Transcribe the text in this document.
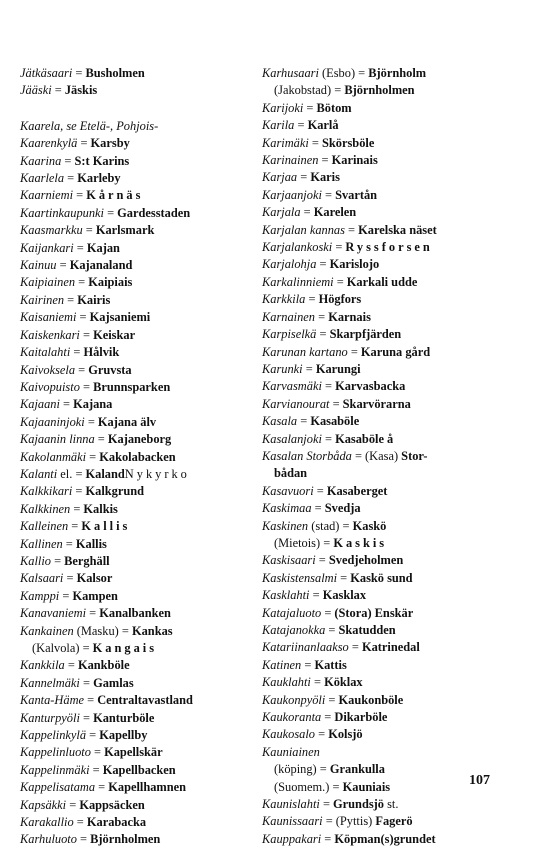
Jätkäsaari = Busholmen
Jääski = Jäskis
Kaarela, se Etelä-, Pohjois-
Kaarenkylä = Karsby
Kaarina = S:t Karins
Kaarlela = Karleby
Kaarniemi = Kårnäs
Kaartinkaupunki = Gardesstaden
Kaasmarkku = Karlsmark
Kaijankari = Kajan
Kainuu = Kajanaland
Kaipiainen = Kaipiais
Kairinen = Kairis
Kaisaniemi = Kajsaniemi
Kaiskenkari = Keiskar
Kaitalahti = Hålvik
Kaivoksela = Gruvsta
Kaivopuisto = Brunnsparken
Kajaani = Kajana
Kajaaninjoki = Kajana älv
Kajaanin linna = Kajaneborg
Kakolanmäki = Kakolabacken
Kalanti el. = KalandNykyrko
Kalkkikari = Kalkgrund
Kalkkinen = Kalkis
Kalleinen = Kallis
Kallinen = Kallis
Kallio = Berghäll
Kalsaari = Kalsor
Kamppi = Kampen
Kanavaniemi = Kanalbanken
Kankainen (Masku) = Kankas
(Kalvola) = Kangais
Kankkila = Kankböle
Kannelmäki = Gamlas
Kanta-Häme = Centraltavastland
Kanturpyöli = Kanturböle
Kappelinkylä = Kapellby
Kappelinluoto = Kapellskär
Kappelinmäki = Kapellbacken
Kappelisatama = Kapellhamnen
Kapsäkki = Kappsäcken
Karakallio = Karabacka
Karhuluoto = Björnholmen
Karhusaari (Esbo) = Björnholm
(Jakobstad) = Björnholmen
Karijoki = Bötom
Karila = Karlå
Karimäki = Skörsböle
Karinainen = Karinais
Karjaa = Karis
Karjaanjoki = Svartån
Karjala = Karelen
Karjalan kannas = Karelska näset
Karjalankoski = Ryssforsen
Karjalohja = Karislojo
Karkalinniemi = Karkali udde
Karkkila = Högfors
Karnainen = Karnais
Karpiselkä = Skarpfjärden
Karunan kartano = Karuna gård
Karunki = Karungi
Karvasmäki = Karvasbacka
Karvianourat = Skarvörarna
Kasala = Kasaböle
Kasalanjoki = Kasaböle å
Kasalan Storbåda = (Kasa) Stor-
bådan
Kasavuori = Kasaberget
Kaskimaa = Svedja
Kaskinen (stad) = Kaskö
(Mietois) = Kaskis
Kaskisaari = Svedjeholmen
Kaskistensalmi = Kaskö sund
Kasklahti = Kasklax
Katajaluoto = (Stora) Enskär
Katajanokka = Skatudden
Katariinanlaakso = Katrinedal
Katinen = Kattis
Kauklahti = Köklax
Kaukonpyöli = Kaukonböle
Kaukoranta = Dikarböle
Kaukosalo = Kolsjö
Kauniainen
(köping) = Grankulla
(Suomem.) = Kauniais
Kaunislahti = Grundsjö st.
Kaunissaari = (Pyttis) Fagerö
Kauppakari = Köpman(s)grundet
107
